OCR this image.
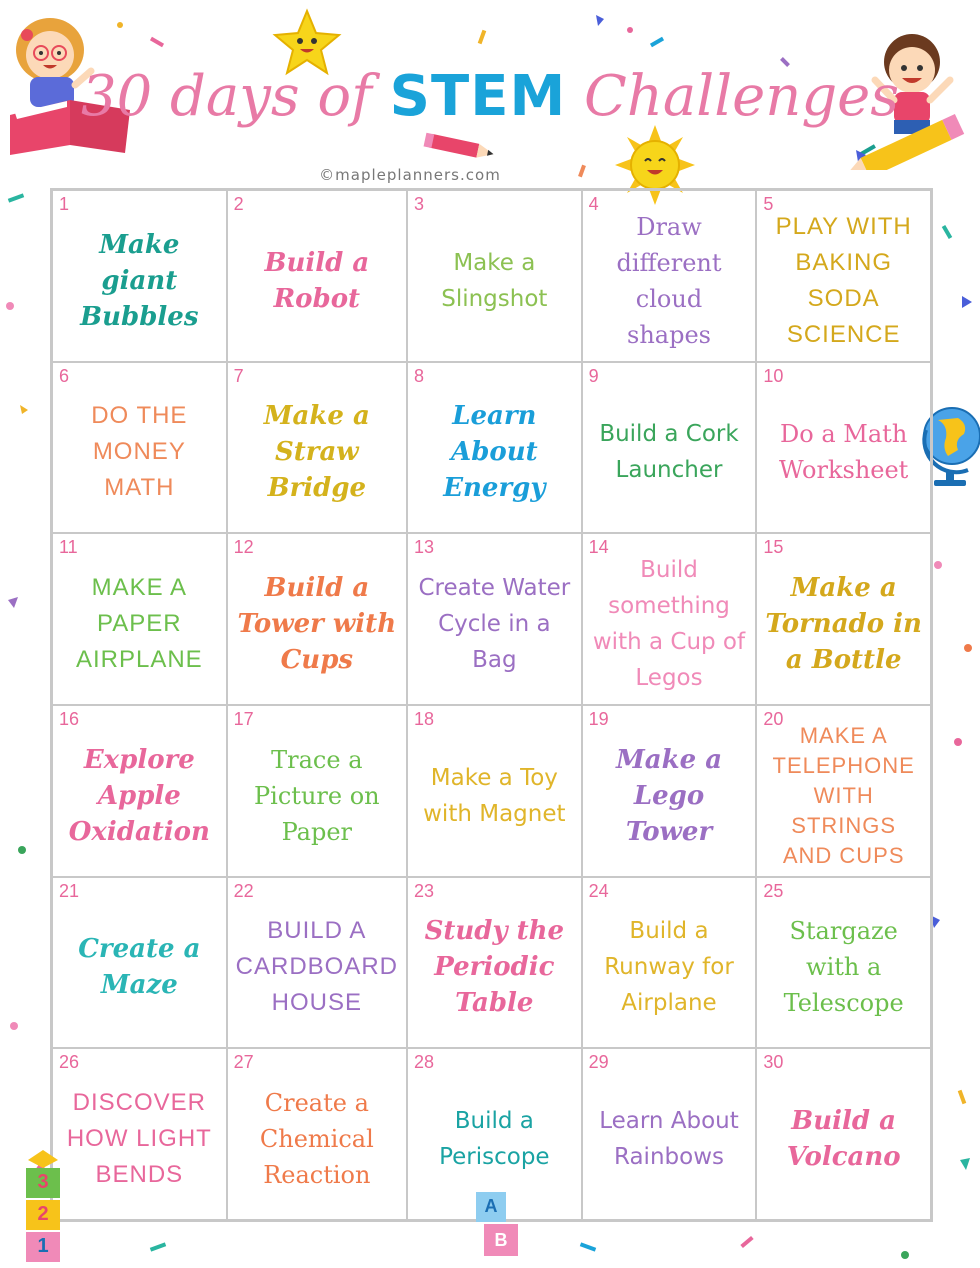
30 days of STEM Challenges
©mapleplanners.com
1
Make giant Bubbles
2
Build a Robot
3
Make a Slingshot
4
Draw different cloud shapes
5
PLAY WITH BAKING SODA SCIENCE
6
DO THE MONEY MATH
7
Make a Straw Bridge
8
Learn About Energy
9
Build a Cork Launcher
10
Do a Math Worksheet
11
MAKE A PAPER AIRPLANE
12
Build a Tower with Cups
13
Create Water Cycle in a Bag
14
Build something with a Cup of Legos
15
Make a Tornado in a Bottle
16
Explore Apple Oxidation
17
Trace a Picture on Paper
18
Make a Toy with Magnet
19
Make a Lego Tower
20
MAKE A TELEPHONE WITH STRINGS AND CUPS
21
Create a Maze
22
BUILD A CARDBOARD HOUSE
23
Study the Periodic Table
24
Build a Runway for Airplane
25
Stargaze with a Telescope
26
DISCOVER HOW LIGHT BENDS
27
Create a Chemical Reaction
28
Build a Periscope
29
Learn About Rainbows
30
Build a Volcano
3
2
1
A
B
